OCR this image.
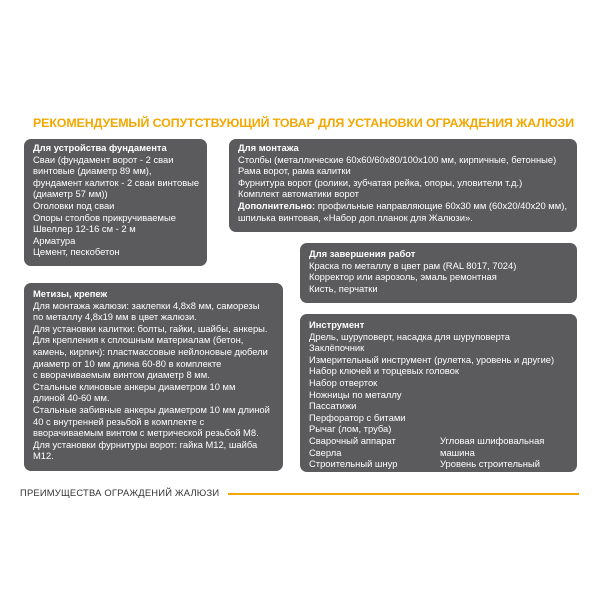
РЕКОМЕНДУЕМЫЙ СОПУТСТВУЮЩИЙ ТОВАР ДЛЯ УСТАНОВКИ ОГРАЖДЕНИЯ ЖАЛЮЗИ
Для устройства фундамента
Сваи (фундамент ворот - 2 сваи
винтовые (диаметр 89 мм),
фундамент калиток - 2 сваи винтовые
(диаметр 57 мм))
Оголовки под сваи
Опоры столбов прикручиваемые
Швеллер 12-16 см - 2 м
Арматура
Цемент, пескобетон
Для монтажа
Столбы (металлические 60x60/60x80/100x100 мм, кирпичные, бетонные)
Рама ворот, рама калитки
Фурнитура ворот (ролики, зубчатая рейка, опоры, уловители т.д.)
Комплект автоматики ворот
Дополнительно: профильные направляющие 60x30 мм (60x20/40x20 мм),
шпилька винтовая, «Набор доп.планок для Жалюзи».
Для завершения работ
Краска по металлу в цвет рам (RAL 8017, 7024)
Корректор или аэрозоль, эмаль ремонтная
Кисть, перчатки
Метизы, крепеж
Для монтажа жалюзи: заклепки 4,8x8 мм, саморезы
по металлу 4,8x19 мм в цвет жалюзи.
Для установки калитки: болты, гайки, шайбы, анкеры.
Для крепления к сплошным материалам (бетон,
камень, кирпич): пластмассовые нейлоновые дюбели
диаметр от 10 мм длина 60-80 в комплекте
с вворачиваемым винтом диаметр 8 мм.
Стальные клиновые анкеры диаметром 10 мм
длиной 40-60 мм.
Стальные забивные анкеры диаметром 10 мм длиной
40 с внутренней резьбой в комплекте с
вворачиваемым винтом с метрической резьбой M8.
Для установки фурнитуры ворот: гайка M12, шайба
M12.
Инструмент
Дрель, шуруповерт, насадка для шуруповерта
Заклёпочник
Измерительный инструмент (рулетка, уровень и другие)
Набор ключей и торцевых головок
Набор отверток
Ножницы по металлу
Пассатижи
Перфоратор с битами
Рычаг (лом, труба)
Сварочный аппарат
Сверла
Строительный шнур
Угловая шлифовальная
машина
Уровень строительный
ПРЕИМУЩЕСТВА ОГРАЖДЕНИЙ ЖАЛЮЗИ
